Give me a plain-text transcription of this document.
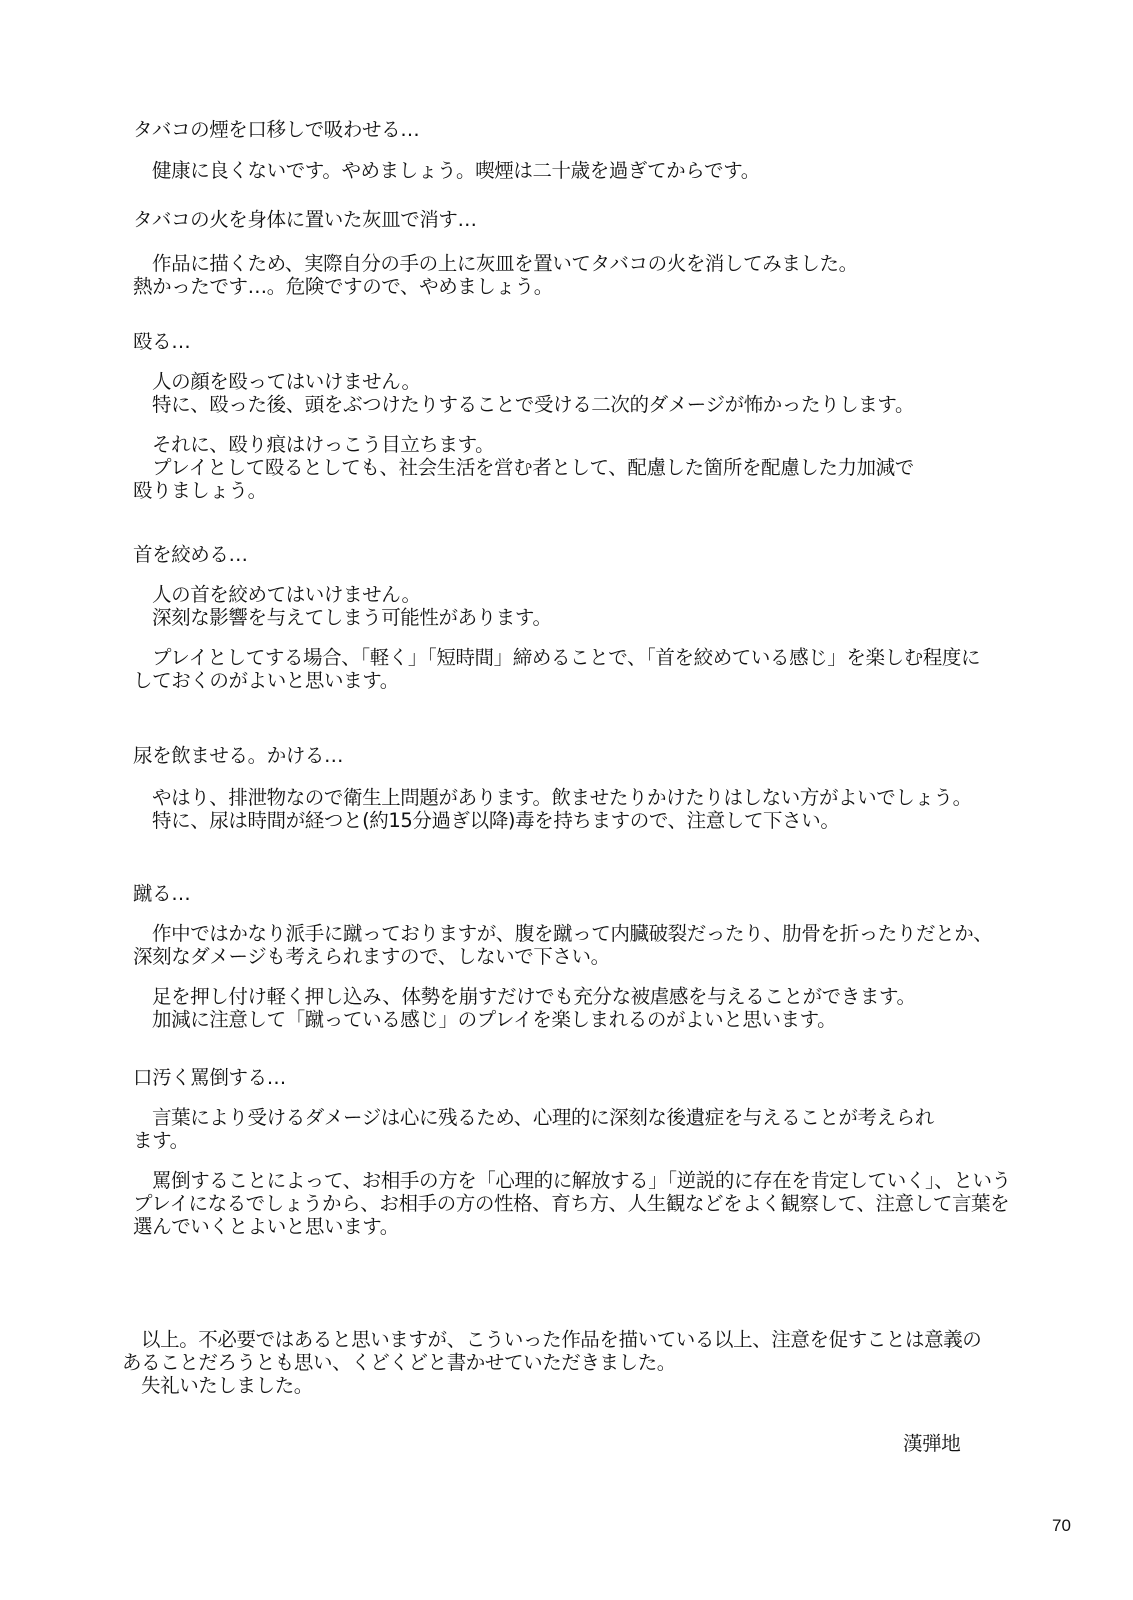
タバコの煙を口移しで吸わせる…
健康に良くないです。やめましょう。喫煙は二十歳を過ぎてからです。
タバコの火を身体に置いた灰皿で消す…
作品に描くため、実際自分の手の上に灰皿を置いてタバコの火を消してみました。
熱かったです…。危険ですので、やめましょう。
殴る…
人の顔を殴ってはいけません。
特に、殴った後、頭をぶつけたりすることで受ける二次的ダメージが怖かったりします。
それに、殴り痕はけっこう目立ちます。
プレイとして殴るとしても、社会生活を営む者として、配慮した箇所を配慮した力加減で
殴りましょう。
首を絞める…
人の首を絞めてはいけません。
深刻な影響を与えてしまう可能性があります。
プレイとしてする場合、「軽く」「短時間」締めることで、「首を絞めている感じ」を楽しむ程度に
しておくのがよいと思います。
尿を飲ませる。かける…
やはり、排泄物なので衛生上問題があります。飲ませたりかけたりはしない方がよいでしょう。
特に、尿は時間が経つと(約15分過ぎ以降)毒を持ちますので、注意して下さい。
蹴る…
作中ではかなり派手に蹴っておりますが、腹を蹴って内臓破裂だったり、肋骨を折ったりだとか、
深刻なダメージも考えられますので、しないで下さい。
足を押し付け軽く押し込み、体勢を崩すだけでも充分な被虐感を与えることができます。
加減に注意して「蹴っている感じ」のプレイを楽しまれるのがよいと思います。
口汚く罵倒する…
言葉により受けるダメージは心に残るため、心理的に深刻な後遺症を与えることが考えられ
ます。
罵倒することによって、お相手の方を「心理的に解放する」「逆説的に存在を肯定していく」、という
プレイになるでしょうから、お相手の方の性格、育ち方、人生観などをよく観察して、注意して言葉を
選んでいくとよいと思います。
以上。不必要ではあると思いますが、こういった作品を描いている以上、注意を促すことは意義の
あることだろうとも思い、くどくどと書かせていただきました。
失礼いたしました。
漢弾地
70
